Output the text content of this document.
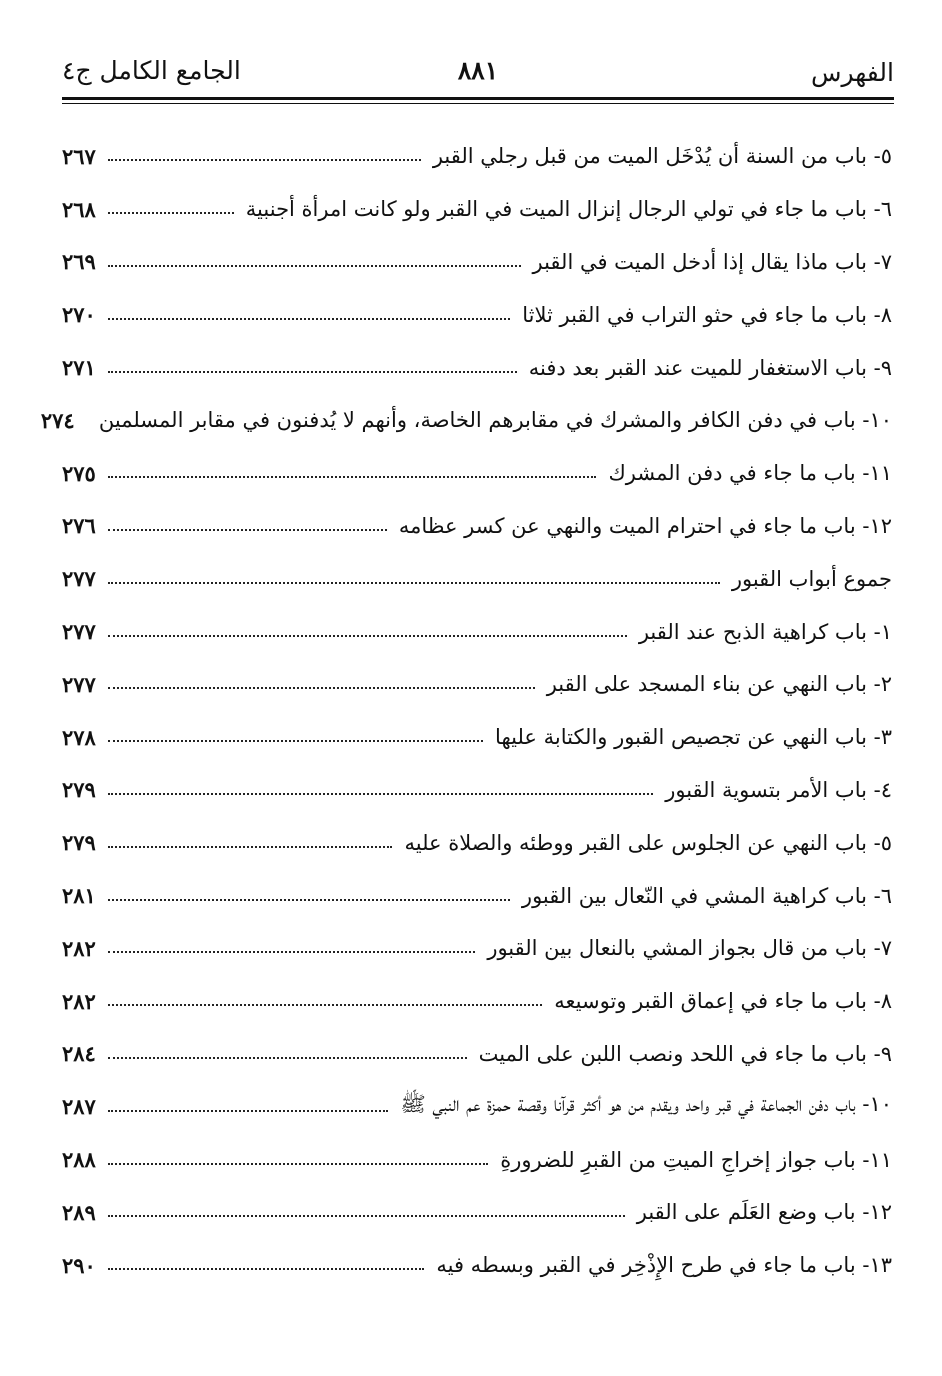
الفهرس
٨٨١
الجامع الكامل ج٤
٥- باب من السنة أن يُدْخَل الميت من قبل رجلي القبر
٢٦٧
٦- باب ما جاء في تولي الرجال إنزال الميت في القبر ولو كانت امرأة أجنبية
٢٦٨
٧- باب ماذا يقال إذا أدخل الميت في القبر
٢٦٩
٨- باب ما جاء في حثو التراب في القبر ثلاثا
٢٧٠
٩- باب الاستغفار للميت عند القبر بعد دفنه
٢٧١
١٠- باب في دفن الكافر والمشرك في مقابرهم الخاصة، وأنهم لا يُدفنون في مقابر المسلمين
٢٧٤
١١- باب ما جاء في دفن المشرك
٢٧٥
١٢- باب ما جاء في احترام الميت والنهي عن كسر عظامه
٢٧٦
جموع أبواب القبور
٢٧٧
١- باب كراهية الذبح عند القبر
٢٧٧
٢- باب النهي عن بناء المسجد على القبر
٢٧٧
٣- باب النهي عن تجصيص القبور والكتابة عليها
٢٧٨
٤- باب الأمر بتسوية القبور
٢٧٩
٥- باب النهي عن الجلوس على القبر ووطئه والصلاة عليه
٢٧٩
٦- باب كراهية المشي في النّعال بين القبور
٢٨١
٧- باب من قال بجواز المشي بالنعال بين القبور
٢٨٢
٨- باب ما جاء في إعماق القبر وتوسيعه
٢٨٢
٩- باب ما جاء في اللحد ونصب اللبن على الميت
٢٨٤
١٠- باب دفن الجماعة في قبر واحد ويقدم من هو أكثر قرآنا وقصة حمزة عم النبي ﷺ
٢٨٧
١١- باب جواز إخراجِ الميتِ من القبرِ للضرورةِ
٢٨٨
١٢- باب وضع العَلَم على القبر
٢٨٩
١٣- باب ما جاء في طرح الإِذْخِر في القبر وبسطه فيه
٢٩٠
